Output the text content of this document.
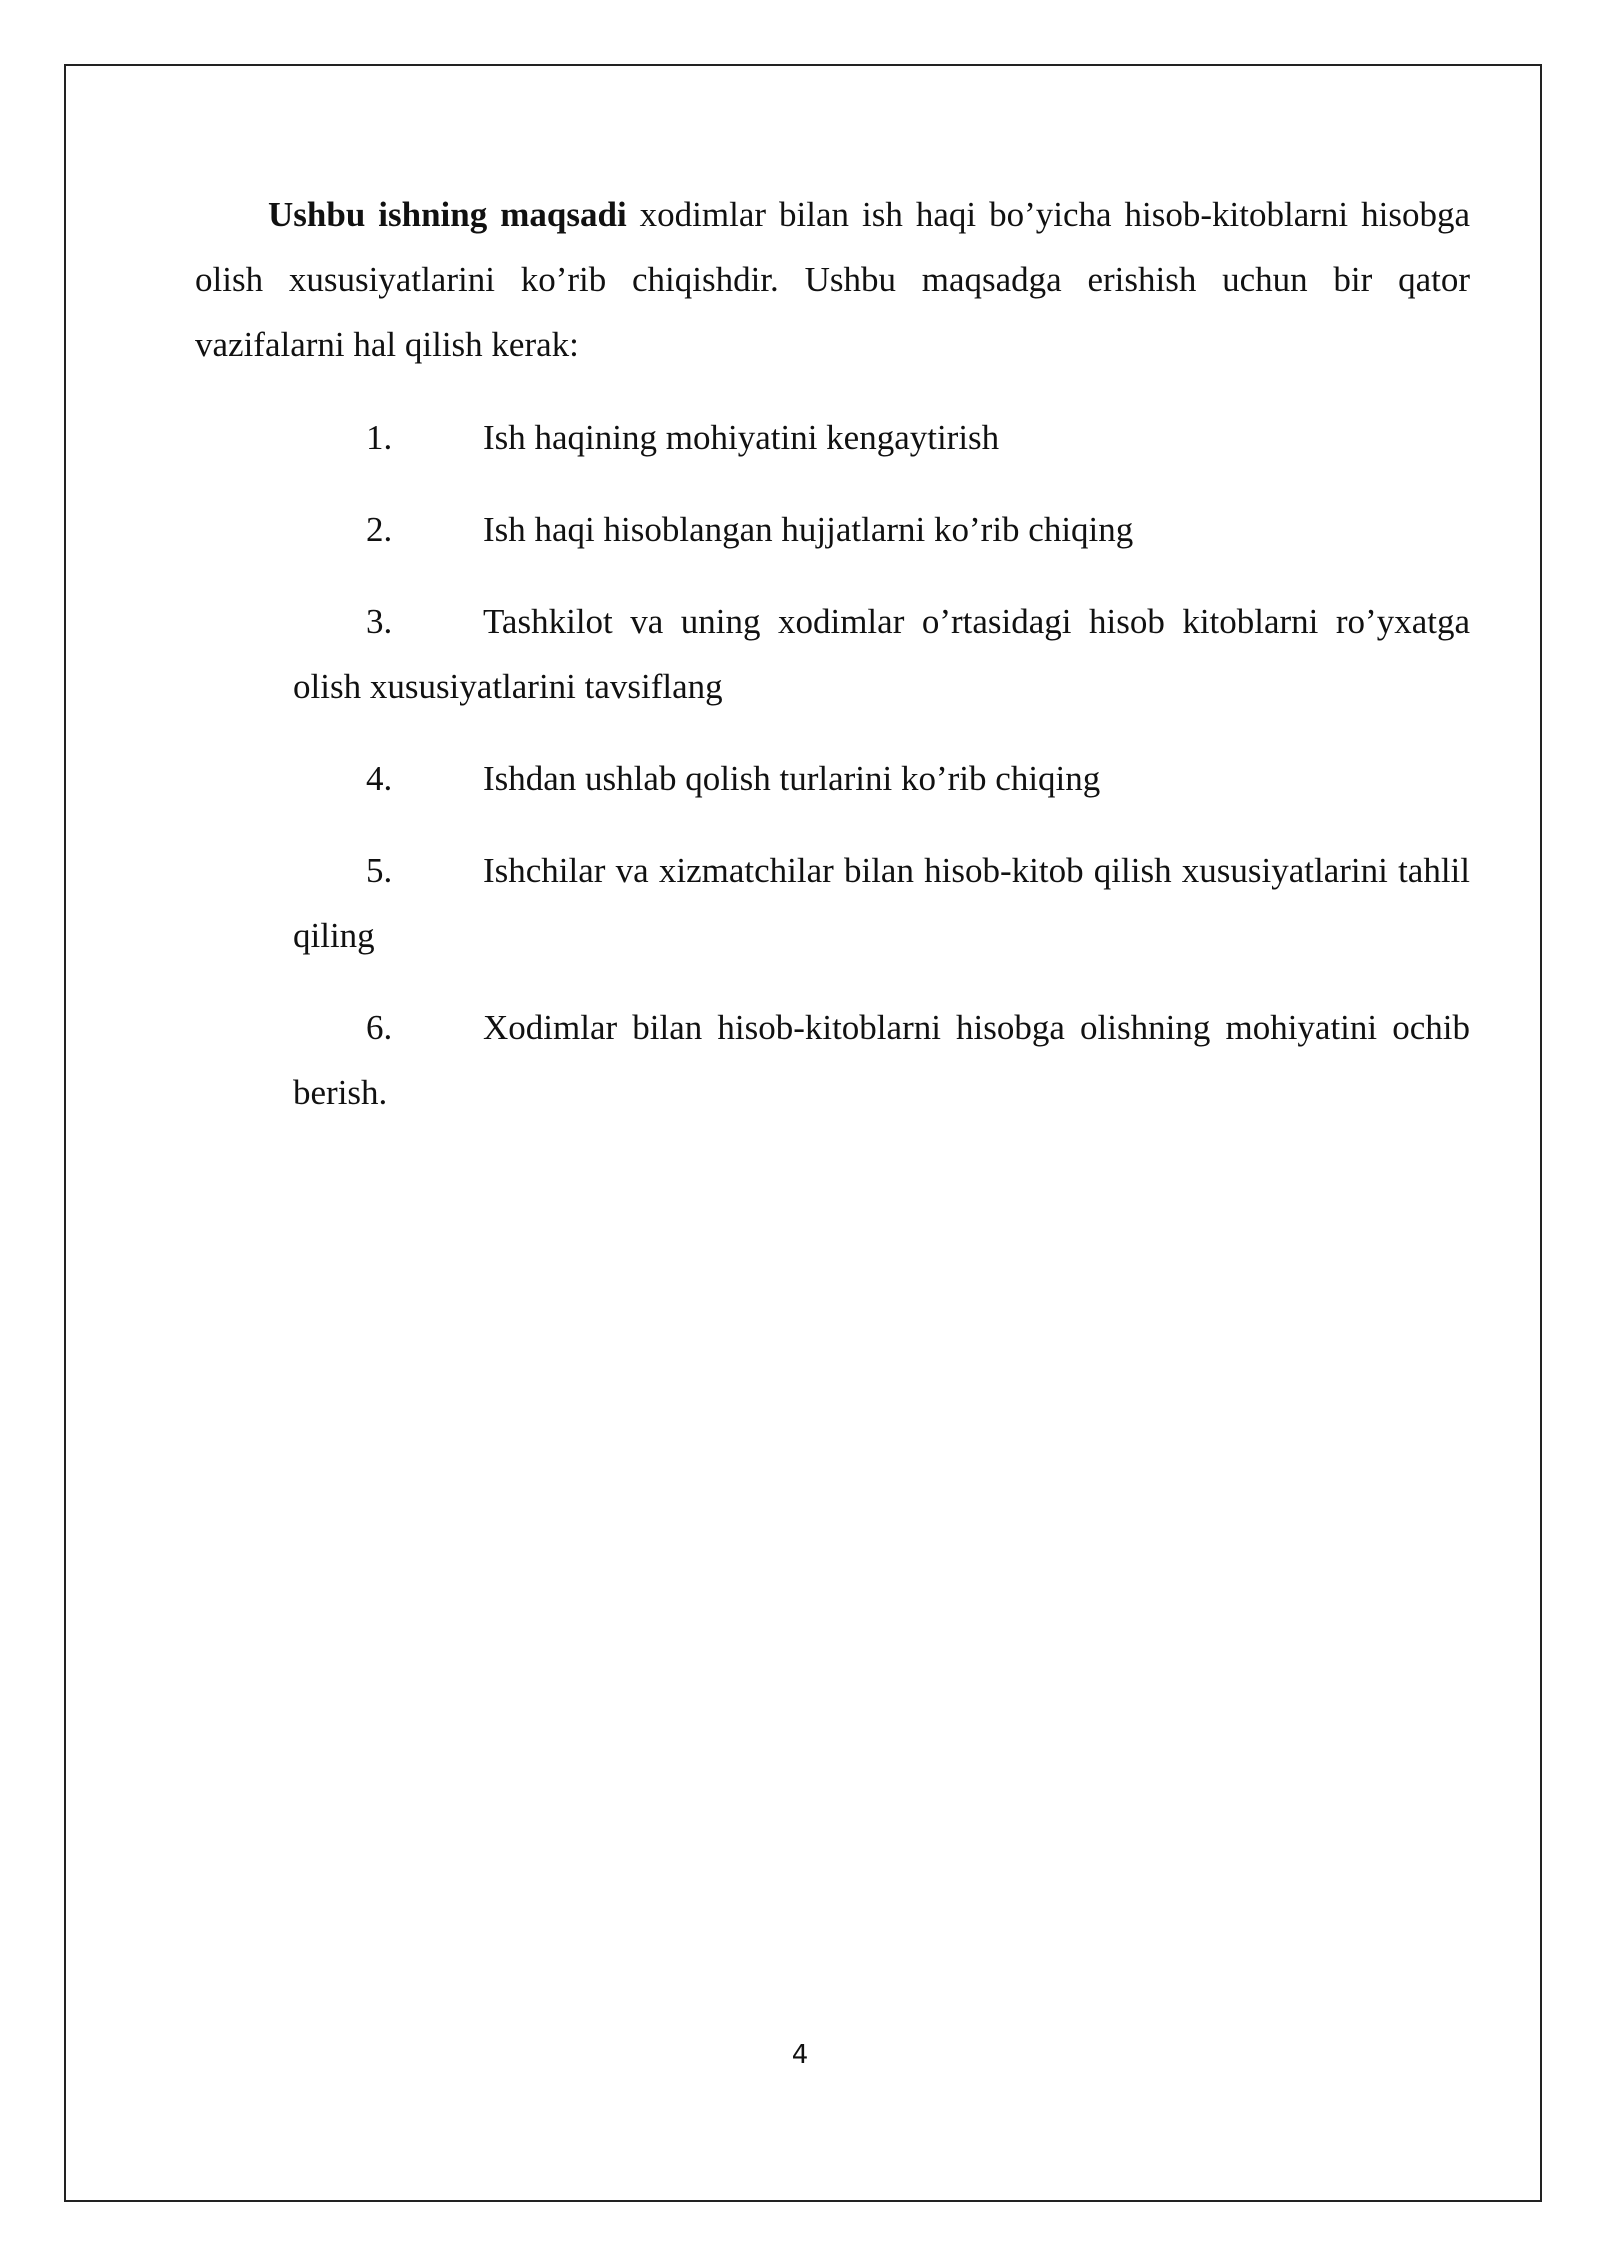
Ushbu ishning maqsadi xodimlar bilan ish haqi bo’yicha hisob-kitoblarni hisobga olish xususiyatlarini ko’rib chiqishdir. Ushbu maqsadga erishish uchun bir qator vazifalarni hal qilish kerak:

1.	Ish haqining mohiyatini kengaytirish
2.	Ish haqi hisoblangan hujjatlarni ko’rib chiqing
3.	Tashkilot va uning xodimlar o’rtasidagi hisob kitoblarni ro’yxatga olish xususiyatlarini tavsiflang
4.	Ishdan ushlab qolish turlarini ko’rib chiqing
5.	Ishchilar va xizmatchilar bilan hisob-kitob qilish xususiyatlarini tahlil qiling
6.	Xodimlar bilan hisob-kitoblarni hisobga olishning mohiyatini ochib berish.
4
